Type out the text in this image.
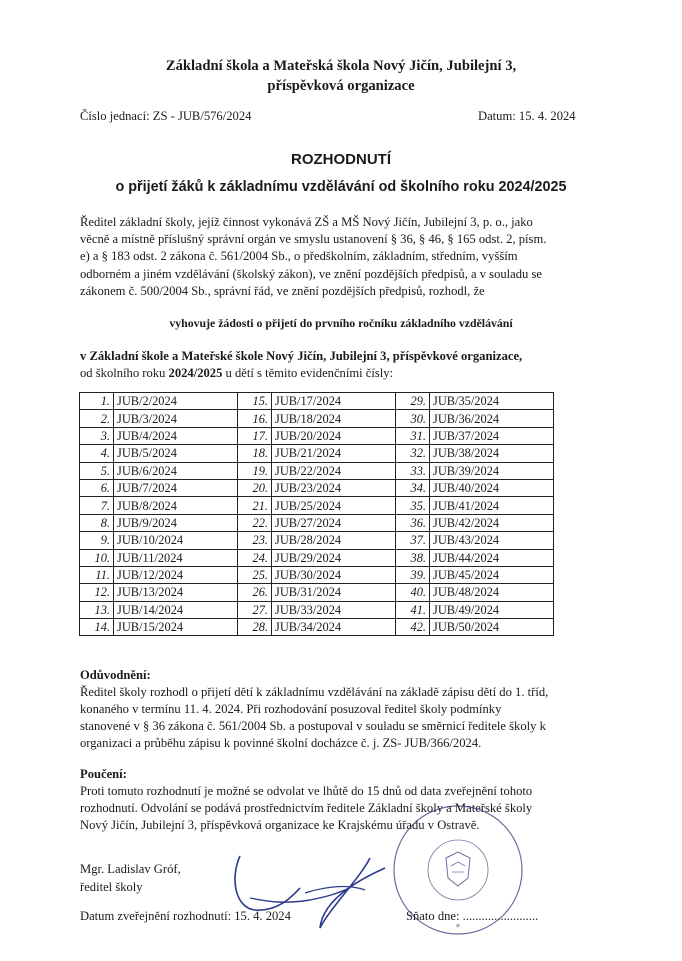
Základní škola a Mateřská škola Nový Jičín, Jubilejní 3,
příspěvková organizace
Číslo jednací: ZS - JUB/576/2024	Datum: 15. 4. 2024
ROZHODNUTÍ
o přijetí žáků k základnímu vzdělávání od školního roku 2024/2025
Ředitel základní školy, jejíž činnost vykonává ZŠ a MŠ Nový Jičín, Jubilejní 3, p. o., jako
věcně a místně příslušný správní orgán ve smyslu ustanovení § 36, § 46, § 165 odst. 2, písm.
e) a § 183 odst. 2 zákona č. 561/2004 Sb., o předškolním, základním, středním, vyšším
odborném a jiném vzdělávání (školský zákon), ve znění pozdějších předpisů, a v souladu se
zákonem č. 500/2004 Sb., správní řád, ve znění pozdějších předpisů, rozhodl, že
vyhovuje žádosti o přijetí do prvního ročníku základního vzdělávání
v Základní škole a Mateřské škole Nový Jičín, Jubilejní 3, příspěvkové organizace,
od školního roku 2024/2025 u dětí s těmito evidenčními čísly:
1.	JUB/2/2024	15.	JUB/17/2024	29.	JUB/35/2024
2.	JUB/3/2024	16.	JUB/18/2024	30.	JUB/36/2024
3.	JUB/4/2024	17.	JUB/20/2024	31.	JUB/37/2024
4.	JUB/5/2024	18.	JUB/21/2024	32.	JUB/38/2024
5.	JUB/6/2024	19.	JUB/22/2024	33.	JUB/39/2024
6.	JUB/7/2024	20.	JUB/23/2024	34.	JUB/40/2024
7.	JUB/8/2024	21.	JUB/25/2024	35.	JUB/41/2024
8.	JUB/9/2024	22.	JUB/27/2024	36.	JUB/42/2024
9.	JUB/10/2024	23.	JUB/28/2024	37.	JUB/43/2024
10.	JUB/11/2024	24.	JUB/29/2024	38.	JUB/44/2024
11.	JUB/12/2024	25.	JUB/30/2024	39.	JUB/45/2024
12.	JUB/13/2024	26.	JUB/31/2024	40.	JUB/48/2024
13.	JUB/14/2024	27.	JUB/33/2024	41.	JUB/49/2024
14.	JUB/15/2024	28.	JUB/34/2024	42.	JUB/50/2024
Odůvodnění:
Ředitel školy rozhodl o přijetí dětí k základnímu vzdělávání na základě zápisu dětí do 1. tříd,
konaného v termínu 11. 4. 2024. Při rozhodování posuzoval ředitel školy podmínky
stanovené v § 36 zákona č. 561/2004 Sb. a postupoval v souladu se směrnicí ředitele školy k
organizaci a průběhu zápisu k povinné školní docházce č. j. ZS- JUB/366/2024.
Poučení:
Proti tomuto rozhodnutí je možné se odvolat ve lhůtě do 15 dnů od data zveřejnění tohoto
rozhodnutí. Odvolání se podává prostřednictvím ředitele Základní školy a Mateřské školy
Nový Jičín, Jubilejní 3, příspěvková organizace ke Krajskému úřadu v Ostravě.
Mgr. Ladislav Gróf,
ředitel školy
*
Datum zveřejnění rozhodnutí: 15. 4. 2024	Sňato dne: ........................
